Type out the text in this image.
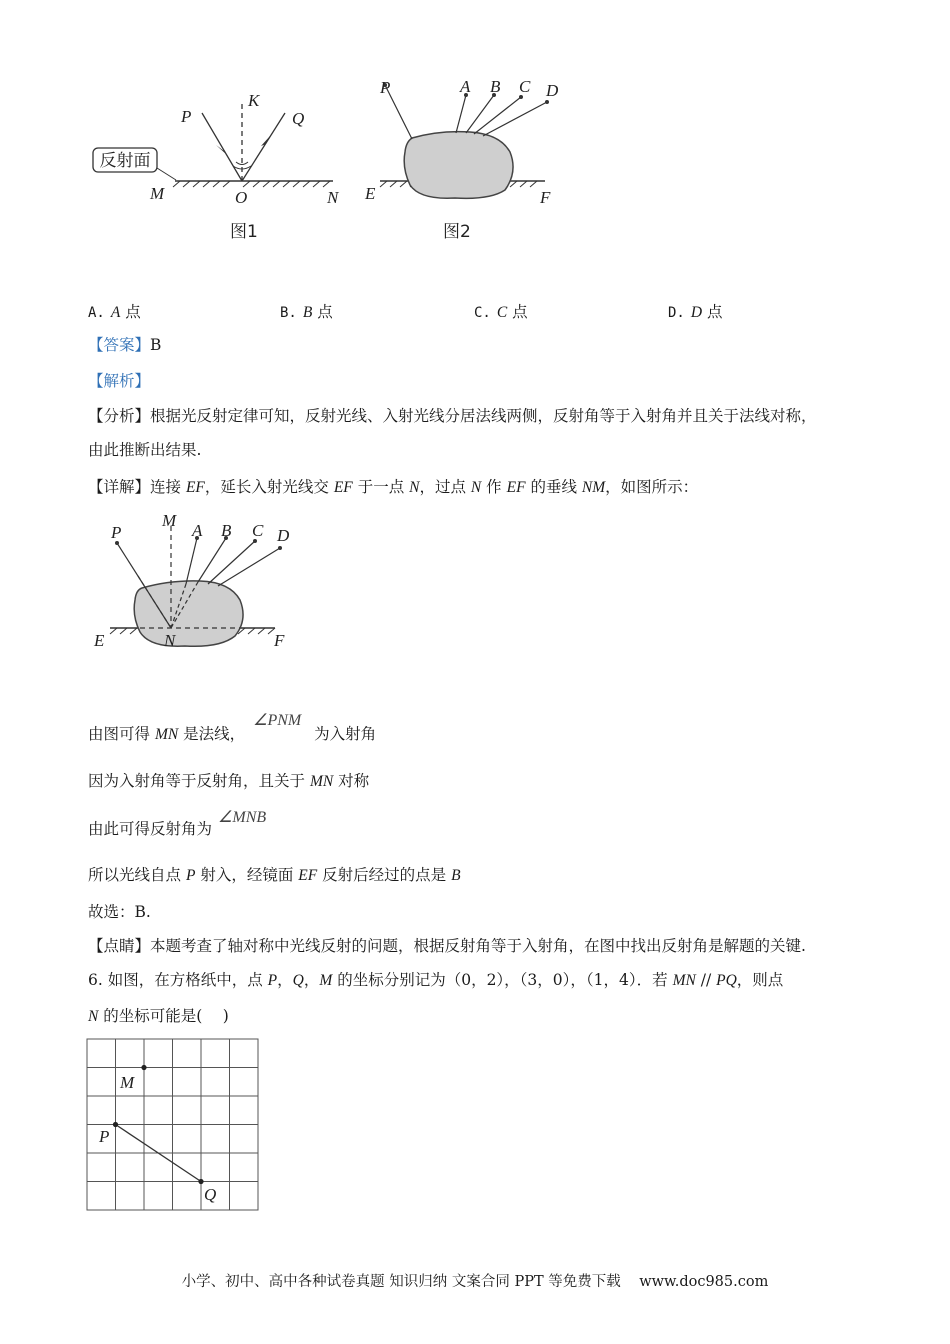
反射面
P
K
Q
M	O	N
图1
P	A B C D
E	F
图2
A. A 点	B. B 点	C. C 点	D. D 点
【答案】B
【解析】
【分析】根据光反射定律可知，反射光线、入射光线分居法线两侧，反射角等于入射角并且关于法线对称，
由此推断出结果.
【详解】连接 EF，延长入射光线交 EF 于一点 N，过点 N 作 EF 的垂线 NM，如图所示：
P
M
A B C D
E	N	F
由图可得 MN 是法线，∠PNM 为入射角
因为入射角等于反射角，且关于 MN 对称
由此可得反射角为∠MNB
所以光线自点 P 射入，经镜面 EF 反射后经过的点是 B
故选：B.
【点睛】本题考查了轴对称中光线反射的问题，根据反射角等于入射角，在图中找出反射角是解题的关键.
6. 如图，在方格纸中，点 P，Q，M 的坐标分别记为（0，2），（3，0），（1，4）．若 MN // PQ，则点
N 的坐标可能是(　 )
M
P
Q
小学、初中、高中各种试卷真题 知识归纳 文案合同 PPT 等免费下载 www.doc985.com
